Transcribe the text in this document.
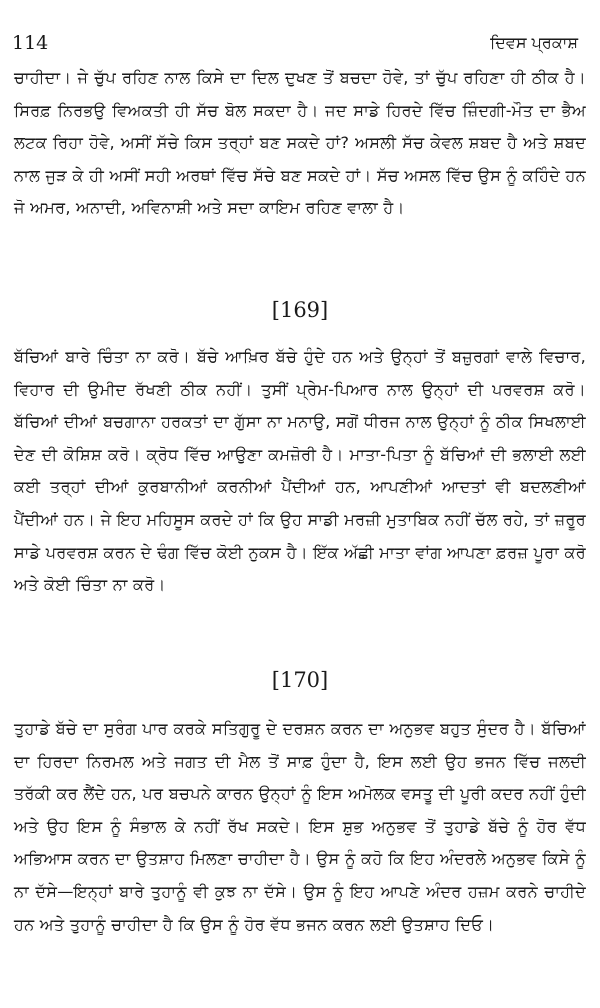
114	ਦਿਵਸ ਪ੍ਰਕਾਸ਼

ਚਾਹੀਦਾ। ਜੇ ਚੁੱਪ ਰਹਿਣ ਨਾਲ ਕਿਸੇ ਦਾ ਦਿਲ ਦੁਖਣ ਤੋਂ ਬਚਦਾ ਹੋਵੇ, ਤਾਂ ਚੁੱਪ ਰਹਿਣਾ ਹੀ ਠੀਕ ਹੈ। ਸਿਰਫ਼ ਨਿਰਭਉ ਵਿਅਕਤੀ ਹੀ ਸੱਚ ਬੋਲ ਸਕਦਾ ਹੈ। ਜਦ ਸਾਡੇ ਹਿਰਦੇ ਵਿੱਚ ਜ਼ਿੰਦਗੀ-ਮੌਤ ਦਾ ਭੈਅ ਲਟਕ ਰਿਹਾ ਹੋਵੇ, ਅਸੀਂ ਸੱਚੇ ਕਿਸ ਤਰ੍ਹਾਂ ਬਣ ਸਕਦੇ ਹਾਂ? ਅਸਲੀ ਸੱਚ ਕੇਵਲ ਸ਼ਬਦ ਹੈ ਅਤੇ ਸ਼ਬਦ ਨਾਲ ਜੁੜ ਕੇ ਹੀ ਅਸੀਂ ਸਹੀ ਅਰਥਾਂ ਵਿੱਚ ਸੱਚੇ ਬਣ ਸਕਦੇ ਹਾਂ। ਸੱਚ ਅਸਲ ਵਿੱਚ ਉਸ ਨੂੰ ਕਹਿੰਦੇ ਹਨ ਜੋ ਅਮਰ, ਅਨਾਦੀ, ਅਵਿਨਾਸ਼ੀ ਅਤੇ ਸਦਾ ਕਾਇਮ ਰਹਿਣ ਵਾਲਾ ਹੈ।

[169]

ਬੱਚਿਆਂ ਬਾਰੇ ਚਿੰਤਾ ਨਾ ਕਰੋ। ਬੱਚੇ ਆਖ਼ਿਰ ਬੱਚੇ ਹੁੰਦੇ ਹਨ ਅਤੇ ਉਨ੍ਹਾਂ ਤੋਂ ਬਜ਼ੁਰਗਾਂ ਵਾਲੇ ਵਿਚਾਰ, ਵਿਹਾਰ ਦੀ ਉਮੀਦ ਰੱਖਣੀ ਠੀਕ ਨਹੀਂ। ਤੁਸੀਂ ਪ੍ਰੇਮ-ਪਿਆਰ ਨਾਲ ਉਨ੍ਹਾਂ ਦੀ ਪਰਵਰਸ਼ ਕਰੋ। ਬੱਚਿਆਂ ਦੀਆਂ ਬਚਗਾਨਾ ਹਰਕਤਾਂ ਦਾ ਗੁੱਸਾ ਨਾ ਮਨਾਉ, ਸਗੋਂ ਧੀਰਜ ਨਾਲ ਉਨ੍ਹਾਂ ਨੂੰ ਠੀਕ ਸਿਖਲਾਈ ਦੇਣ ਦੀ ਕੋਸ਼ਿਸ਼ ਕਰੋ। ਕ੍ਰੋਧ ਵਿੱਚ ਆਉਣਾ ਕਮਜ਼ੋਰੀ ਹੈ। ਮਾਤਾ-ਪਿਤਾ ਨੂੰ ਬੱਚਿਆਂ ਦੀ ਭਲਾਈ ਲਈ ਕਈ ਤਰ੍ਹਾਂ ਦੀਆਂ ਕੁਰਬਾਨੀਆਂ ਕਰਨੀਆਂ ਪੈਂਦੀਆਂ ਹਨ, ਆਪਣੀਆਂ ਆਦਤਾਂ ਵੀ ਬਦਲਣੀਆਂ ਪੈਂਦੀਆਂ ਹਨ। ਜੇ ਇਹ ਮਹਿਸੂਸ ਕਰਦੇ ਹਾਂ ਕਿ ਉਹ ਸਾਡੀ ਮਰਜ਼ੀ ਮੁਤਾਬਿਕ ਨਹੀਂ ਚੱਲ ਰਹੇ, ਤਾਂ ਜ਼ਰੂਰ ਸਾਡੇ ਪਰਵਰਸ਼ ਕਰਨ ਦੇ ਢੰਗ ਵਿੱਚ ਕੋਈ ਨੁਕਸ ਹੈ। ਇੱਕ ਅੱਛੀ ਮਾਤਾ ਵਾਂਗ ਆਪਣਾ ਫ਼ਰਜ਼ ਪੂਰਾ ਕਰੋ ਅਤੇ ਕੋਈ ਚਿੰਤਾ ਨਾ ਕਰੋ।

[170]

ਤੁਹਾਡੇ ਬੱਚੇ ਦਾ ਸੁਰੰਗ ਪਾਰ ਕਰਕੇ ਸਤਿਗੁਰੂ ਦੇ ਦਰਸ਼ਨ ਕਰਨ ਦਾ ਅਨੁਭਵ ਬਹੁਤ ਸੁੰਦਰ ਹੈ। ਬੱਚਿਆਂ ਦਾ ਹਿਰਦਾ ਨਿਰਮਲ ਅਤੇ ਜਗਤ ਦੀ ਮੈਲ ਤੋਂ ਸਾਫ਼ ਹੁੰਦਾ ਹੈ, ਇਸ ਲਈ ਉਹ ਭਜਨ ਵਿੱਚ ਜਲਦੀ ਤਰੱਕੀ ਕਰ ਲੈਂਦੇ ਹਨ, ਪਰ ਬਚਪਨੇ ਕਾਰਨ ਉਨ੍ਹਾਂ ਨੂੰ ਇਸ ਅਮੋਲਕ ਵਸਤੂ ਦੀ ਪੂਰੀ ਕਦਰ ਨਹੀਂ ਹੁੰਦੀ ਅਤੇ ਉਹ ਇਸ ਨੂੰ ਸੰਭਾਲ ਕੇ ਨਹੀਂ ਰੱਖ ਸਕਦੇ। ਇਸ ਸ਼ੁਭ ਅਨੁਭਵ ਤੋਂ ਤੁਹਾਡੇ ਬੱਚੇ ਨੂੰ ਹੋਰ ਵੱਧ ਅਭਿਆਸ ਕਰਨ ਦਾ ਉਤਸ਼ਾਹ ਮਿਲਣਾ ਚਾਹੀਦਾ ਹੈ। ਉਸ ਨੂੰ ਕਹੋ ਕਿ ਇਹ ਅੰਦਰਲੇ ਅਨੁਭਵ ਕਿਸੇ ਨੂੰ ਨਾ ਦੱਸੇ—ਇਨ੍ਹਾਂ ਬਾਰੇ ਤੁਹਾਨੂੰ ਵੀ ਕੁਝ ਨਾ ਦੱਸੇ। ਉਸ ਨੂੰ ਇਹ ਆਪਣੇ ਅੰਦਰ ਹਜ਼ਮ ਕਰਨੇ ਚਾਹੀਦੇ ਹਨ ਅਤੇ ਤੁਹਾਨੂੰ ਚਾਹੀਦਾ ਹੈ ਕਿ ਉਸ ਨੂੰ ਹੋਰ ਵੱਧ ਭਜਨ ਕਰਨ ਲਈ ਉਤਸ਼ਾਹ ਦਿਓ।
